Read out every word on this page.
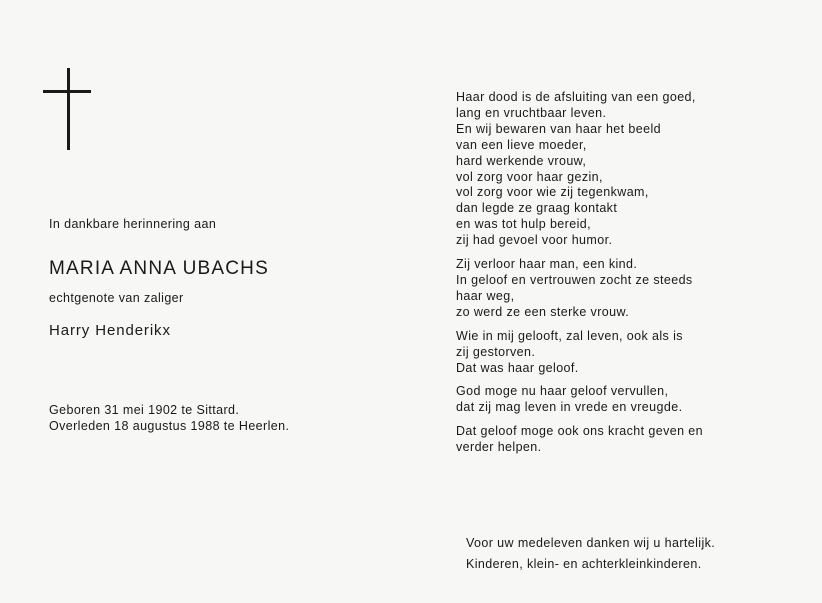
In dankbare herinnering aan
MARIA ANNA UBACHS
echtgenote van zaliger
Harry Henderikx
Geboren 31 mei 1902 te Sittard.
Overleden 18 augustus 1988 te Heerlen.
Haar dood is de afsluiting van een goed,
lang en vruchtbaar leven.
En wij bewaren van haar het beeld
van een lieve moeder,
hard werkende vrouw,
vol zorg voor haar gezin,
vol zorg voor wie zij tegenkwam,
dan legde ze graag kontakt
en was tot hulp bereid,
zij had gevoel voor humor.
Zij verloor haar man, een kind.
In geloof en vertrouwen zocht ze steeds
haar weg,
zo werd ze een sterke vrouw.
Wie in mij gelooft, zal leven, ook als is
zij gestorven.
Dat was haar geloof.
God moge nu haar geloof vervullen,
dat zij mag leven in vrede en vreugde.
Dat geloof moge ook ons kracht geven en
verder helpen.
Voor uw medeleven danken wij u hartelijk.
Kinderen, klein- en achterkleinkinderen.
